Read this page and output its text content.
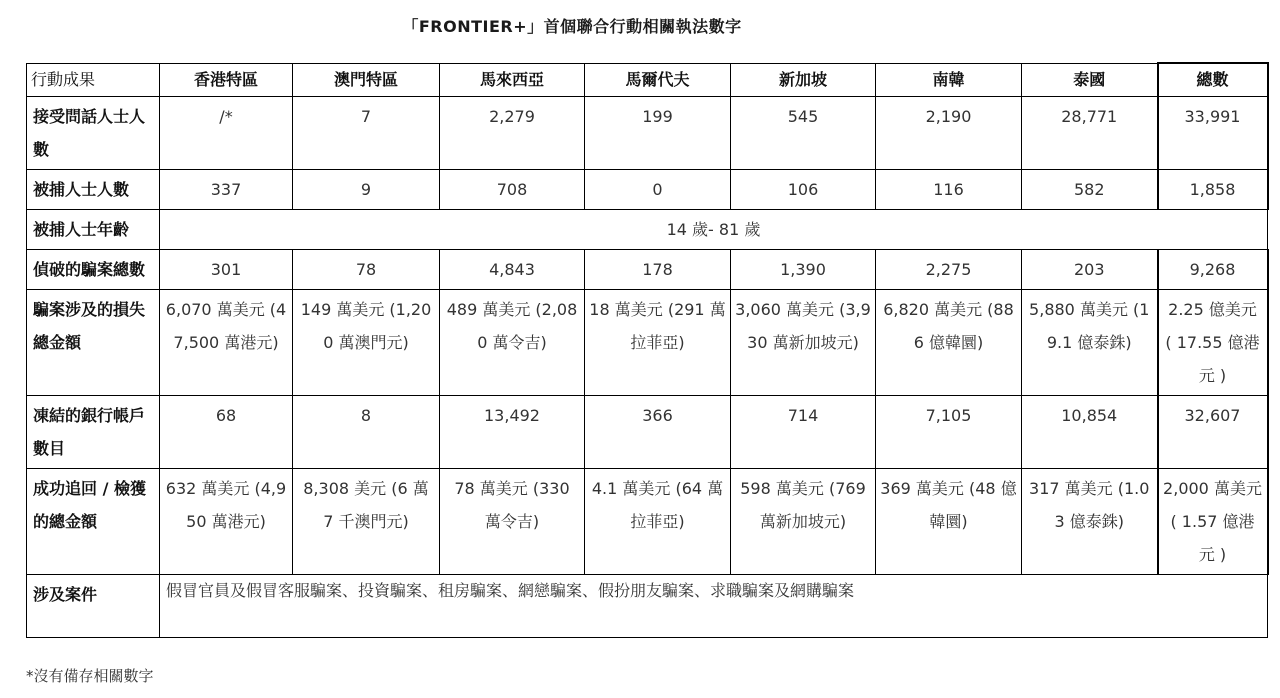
「FRONTIER+」首個聯合行動相關執法數字
行動成果	香港特區	澳門特區	馬來西亞	馬爾代夫	新加坡	南韓	泰國	總數
接受問話人士人數	/*	7	2,279	199	545	2,190	28,771	33,991
被捕人士人數	337	9	708	0	106	116	582	1,858
被捕人士年齡	14 歲- 81 歲							
偵破的騙案總數	301	78	4,843	178	1,390	2,275	203	9,268
騙案涉及的損失總金額	6,070 萬美元 (47,500 萬港元)	149 萬美元 (1,200 萬澳門元)	489 萬美元 (2,080 萬令吉)	18 萬美元 (291 萬拉菲亞)	3,060 萬美元 (3,930 萬新加坡元)	6,820 萬美元 (886 億韓圜)	5,880 萬美元 (19.1 億泰銖)	2.25 億美元 ( 17.55 億港元 )
凍結的銀行帳戶數目	68	8	13,492	366	714	7,105	10,854	32,607
成功追回 / 檢獲的總金額	632 萬美元 (4,950 萬港元)	8,308 美元 (6 萬 7 千澳門元)	78 萬美元 (330 萬令吉)	4.1 萬美元 (64 萬拉菲亞)	598 萬美元 (769 萬新加坡元)	369 萬美元 (48 億韓圜)	317 萬美元 (1.03 億泰銖)	2,000 萬美元 ( 1.57 億港元 )
涉及案件	假冒官員及假冒客服騙案、投資騙案、租房騙案、網戀騙案、假扮朋友騙案、求職騙案及網購騙案							
*沒有備存相關數字
